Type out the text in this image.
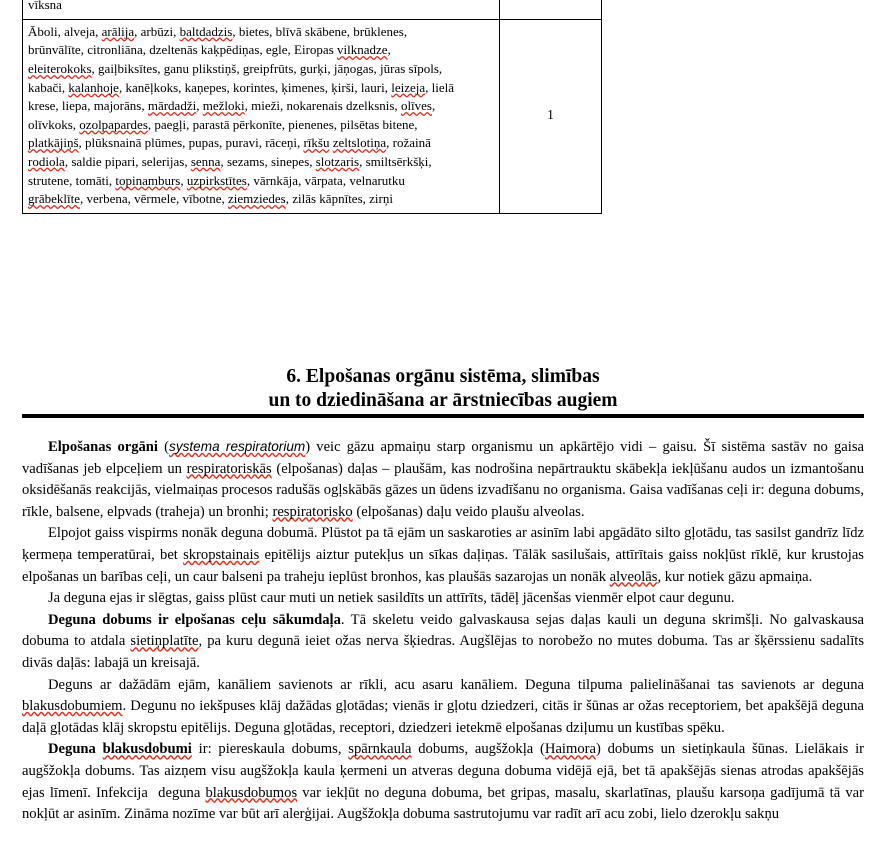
vīksna

Āboli, alveja, arālija, arbūzi, baltdadzis, bietes, blīvā skābene, brūklenes,

brūnvālīte, citronliāna, dzeltenās kaķpēdiņas, egle, Eiropas vilknadze,

eleiterokoks, gaiļbiksītes, ganu plikstiņš, greipfrūts, gurķi, jāņogas, jūras sīpols,

kabači, kalanhoje, kanēļkoks, kaņepes, korintes, ķimenes, ķirši, lauri, leizeja, lielā

krese, liepa, majorāns, mārdadži, mežloki, mieži, nokarenais dzelksnis, olīves,

olīvkoks, ozolpapardes, paegļi, parastā pērkonīte, pienenes, pilsētas bitene,

platkājiņš, plūksnainā plūmes, pupas, puravi, rāceņi, rīkšu zeltslotiņa, rožainā

rodiola, saldie pipari, selerijas, senna, sezams, sinepes, slotzaris, smiltsērkšķi,

strutene, tomāti, topinamburs, uzpirkstītes, vārnkāja, vārpata, velnarutku

grābeklīte, verbena, vērmele, vībotne, ziemziedes, zilās kāpnītes, zirņi

	1
6. Elpošanas orgānu sistēma, slimības
un to dziedināšana ar ārstniecības augiem

Elpošanas orgāni (systema respiratorium) veic gāzu apmaiņu starp organismu un apkārtējo vidi – gaisu. Šī sistēma sastāv no gaisa vadīšanas jeb elpceļiem un respiratoriskās (elpošanas) daļas – plaušām, kas nodrošina nepārtrauktu skābekļa iekļūšanu audos un izmantošanu oksidēšanās reakcijās, vielmaiņas procesos radušās ogļskābās gāzes un ūdens izvadīšanu no organisma. Gaisa vadīšanas ceļi ir: deguna dobums, rīkle, balsene, elpvads (traheja) un bronhi; respiratorisko (elpošanas) daļu veido plaušu alveolas.

Elpojot gaiss vispirms nonāk deguna dobumā. Plūstot pa tā ejām un saskaroties ar asinīm labi apgādāto silto gļotādu, tas sasilst gandrīz līdz ķermeņa temperatūrai, bet skropstainais epitēlijs aiztur putekļus un sīkas daļiņas. Tālāk sasilušais, attīrītais gaiss nokļūst rīklē, kur krustojas elpošanas un barības ceļi, un caur balseni pa traheju ieplūst bronhos, kas plaušās sazarojas un nonāk alveolās, kur notiek gāzu apmaiņa.

Ja deguna ejas ir slēgtas, gaiss plūst caur muti un netiek sasildīts un attīrīts, tādēļ jācenšas vienmēr elpot caur degunu.

Deguna dobums ir elpošanas ceļu sākumdaļa. Tā skeletu veido galvaskausa sejas daļas kauli un deguna skrimšļi. No galvaskausa dobuma to atdala sietiņplatīte, pa kuru degunā ieiet ožas nerva šķiedras. Augšlējas to norobežo no mutes dobuma. Tas ar šķērssienu sadalīts divās daļās: labajā un kreisajā.

Deguns ar dažādām ejām, kanāliem savienots ar rīkli, acu asaru kanāliem. Deguna tilpuma palielināšanai tas savienots ar deguna blakusdobumiem. Degunu no iekšpuses klāj dažādas gļotādas; vienās ir gļotu dziedzeri, citās ir šūnas ar ožas receptoriem, bet apakšējā deguna daļā gļotādas klāj skropstu epitēlijs. Deguna gļotādas, receptori, dziedzeri ietekmē elpošanas dziļumu un kustības spēku.

Deguna blakusdobumi ir: piereskaula dobums, spārnkaula dobums, augšžokļa (Haimora) dobums un sietiņkaula šūnas. Lielākais ir augšžokļa dobums. Tas aizņem visu augšžokļa kaula ķermeni un atveras deguna dobuma vidējā ejā, bet tā apakšējās sienas atrodas apakšējās ejas līmenī. Infekcija  deguna blakusdobumos var iekļūt no deguna dobuma, bet gripas, masalu, skarlatīnas, plaušu karsoņa gadījumā tā var nokļūt ar asinīm. Zināma nozīme var būt arī alerģijai. Augšžokļa dobuma sastrutojumu var radīt arī acu zobi, lielo dzerokļu sakņu
